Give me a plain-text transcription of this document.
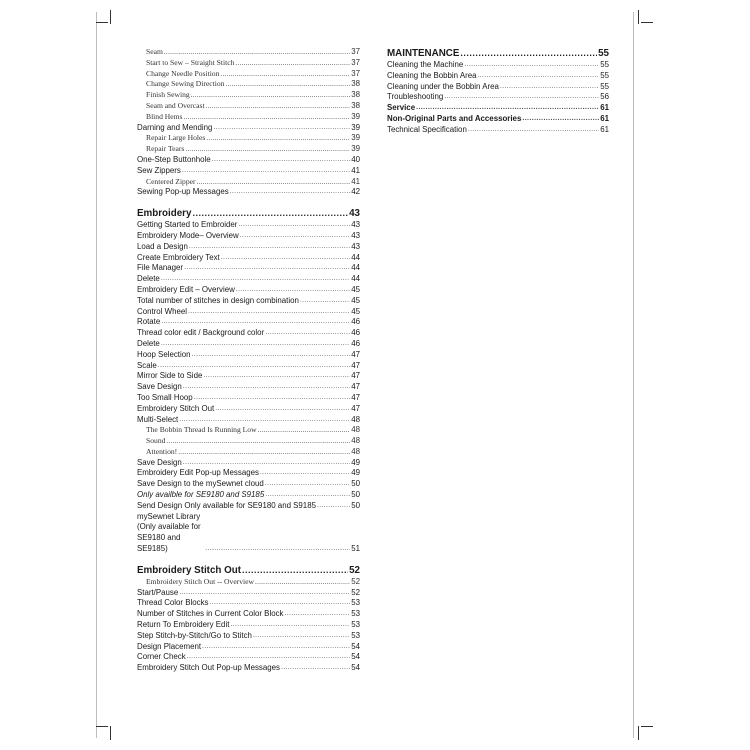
Seam .....	37
Start to Sew – Straight Stitch .....	37
Change Needle Position .....	37
Change Sewing Direction .....	38
Finish Sewing .....	38
Seam and Overcast .....	38
Blind Hems .....	39
Darning and Mending .....	39
Repair Large Holes .....	39
Repair Tears .....	39
One-Step Buttonhole .....	40
Sew Zippers .....	41
Centered Zipper .....	41
Sewing Pop-up Messages .....	42
Embroidery .....	43
Getting Started to Embroider .....	43
Embroidery Mode– Overview .....	43
Load a Design .....	43
Create Embroidery Text .....	44
File Manager .....	44
Delete .....	44
Embroidery Edit – Overview .....	45
Total number of stitches in design combination .....	45
Control Wheel .....	45
Rotate .....	46
Thread color edit / Background color .....	46
Delete .....	46
Hoop Selection .....	47
Scale .....	47
Mirror Side to Side .....	47
Save Design .....	47
Too Small Hoop .....	47
Embroidery Stitch Out .....	47
Multi-Select .....	48
The Bobbin Thread Is Running Low .....	48
Sound .....	48
Attention! .....	48
Save Design .....	49
Embroidery Edit Pop-up Messages .....	49
Save Design to the mySewnet cloud .....	50
Only availble for SE9180 and S9185 .....	50
Send Design Only available for SE9180 and S9185 .....	50
mySewnet Library (Only available for SE9180 and SE9185) .....	51
Embroidery Stitch Out .....	52
Embroidery Stitch Out -- Overview .....	52
Start/Pause .....	52
Thread Color Blocks .....	53
Number of Stitches in Current Color Block .....	53
Return To Embroidery Edit .....	53
Step Stitch-by-Stitch/Go to Stitch .....	53
Design Placement .....	54
Corner Check .....	54
Embroidery Stitch Out Pop-up Messages .....	54
MAINTENANCE .....	55
Cleaning the Machine .....	55
Cleaning the Bobbin Area .....	55
Cleaning under the Bobbin Area .....	55
Troubleshooting .....	56
Service .....	61
Non-Original Parts and Accessories .....	61
Technical Specification .....	61
